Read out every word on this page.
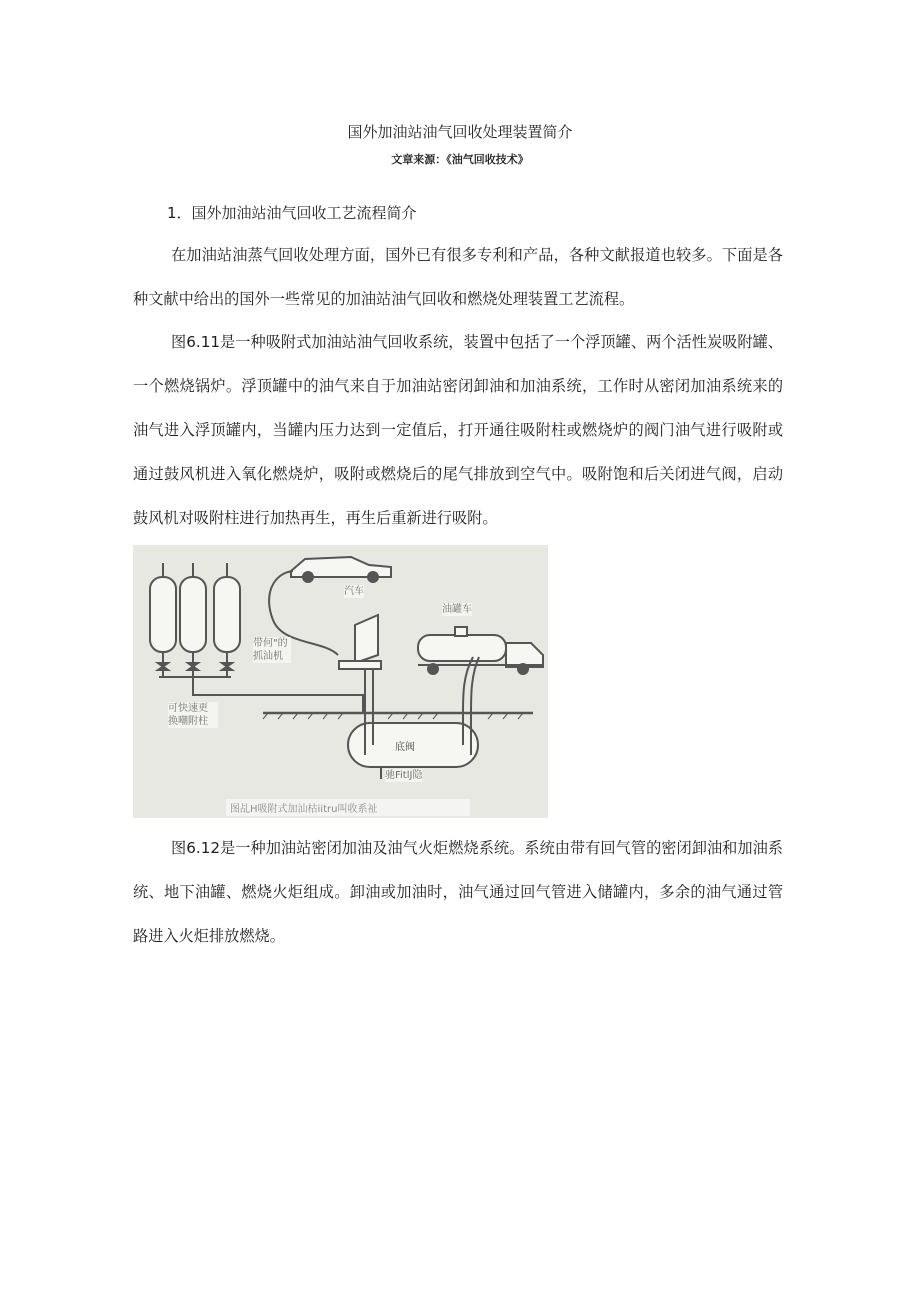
国外加油站油气回收处理装置简介
文章来源：《油气回收技术》
1．国外加油站油气回收工艺流程简介

在加油站油蒸气回收处理方面，国外已有很多专利和产品，各种文献报道也较多。下面是各种文献中给出的国外一些常见的加油站油气回收和燃烧处理装置工艺流程。

图6.11是一种吸附式加油站油气回收系统，装置中包括了一个浮顶罐、两个活性炭吸附罐、一个燃烧锅炉。浮顶罐中的油气来自于加油站密闭卸油和加油系统，工作时从密闭加油系统来的油气进入浮顶罐内，当罐内压力达到一定值后，打开通往吸附柱或燃烧炉的阀门油气进行吸附或通过鼓风机进入氧化燃烧炉，吸附或燃烧后的尾气排放到空气中。吸附饱和后关闭进气阀，启动鼓风机对吸附柱进行加热再生，再生后重新进行吸附。

汽车
油罐车
带何"的
抓汕机
可快速更
换嘲附柱
底阀
驰FitlJ隐
图乩H吸附式加汕枯iitru叫收系祉

图6.12是一种加油站密闭加油及油气火炬燃烧系统。系统由带有回气管的密闭卸油和加油系统、地下油罐、燃烧火炬组成。卸油或加油时，油气通过回气管进入储罐内，多余的油气通过管路进入火炬排放燃烧。
